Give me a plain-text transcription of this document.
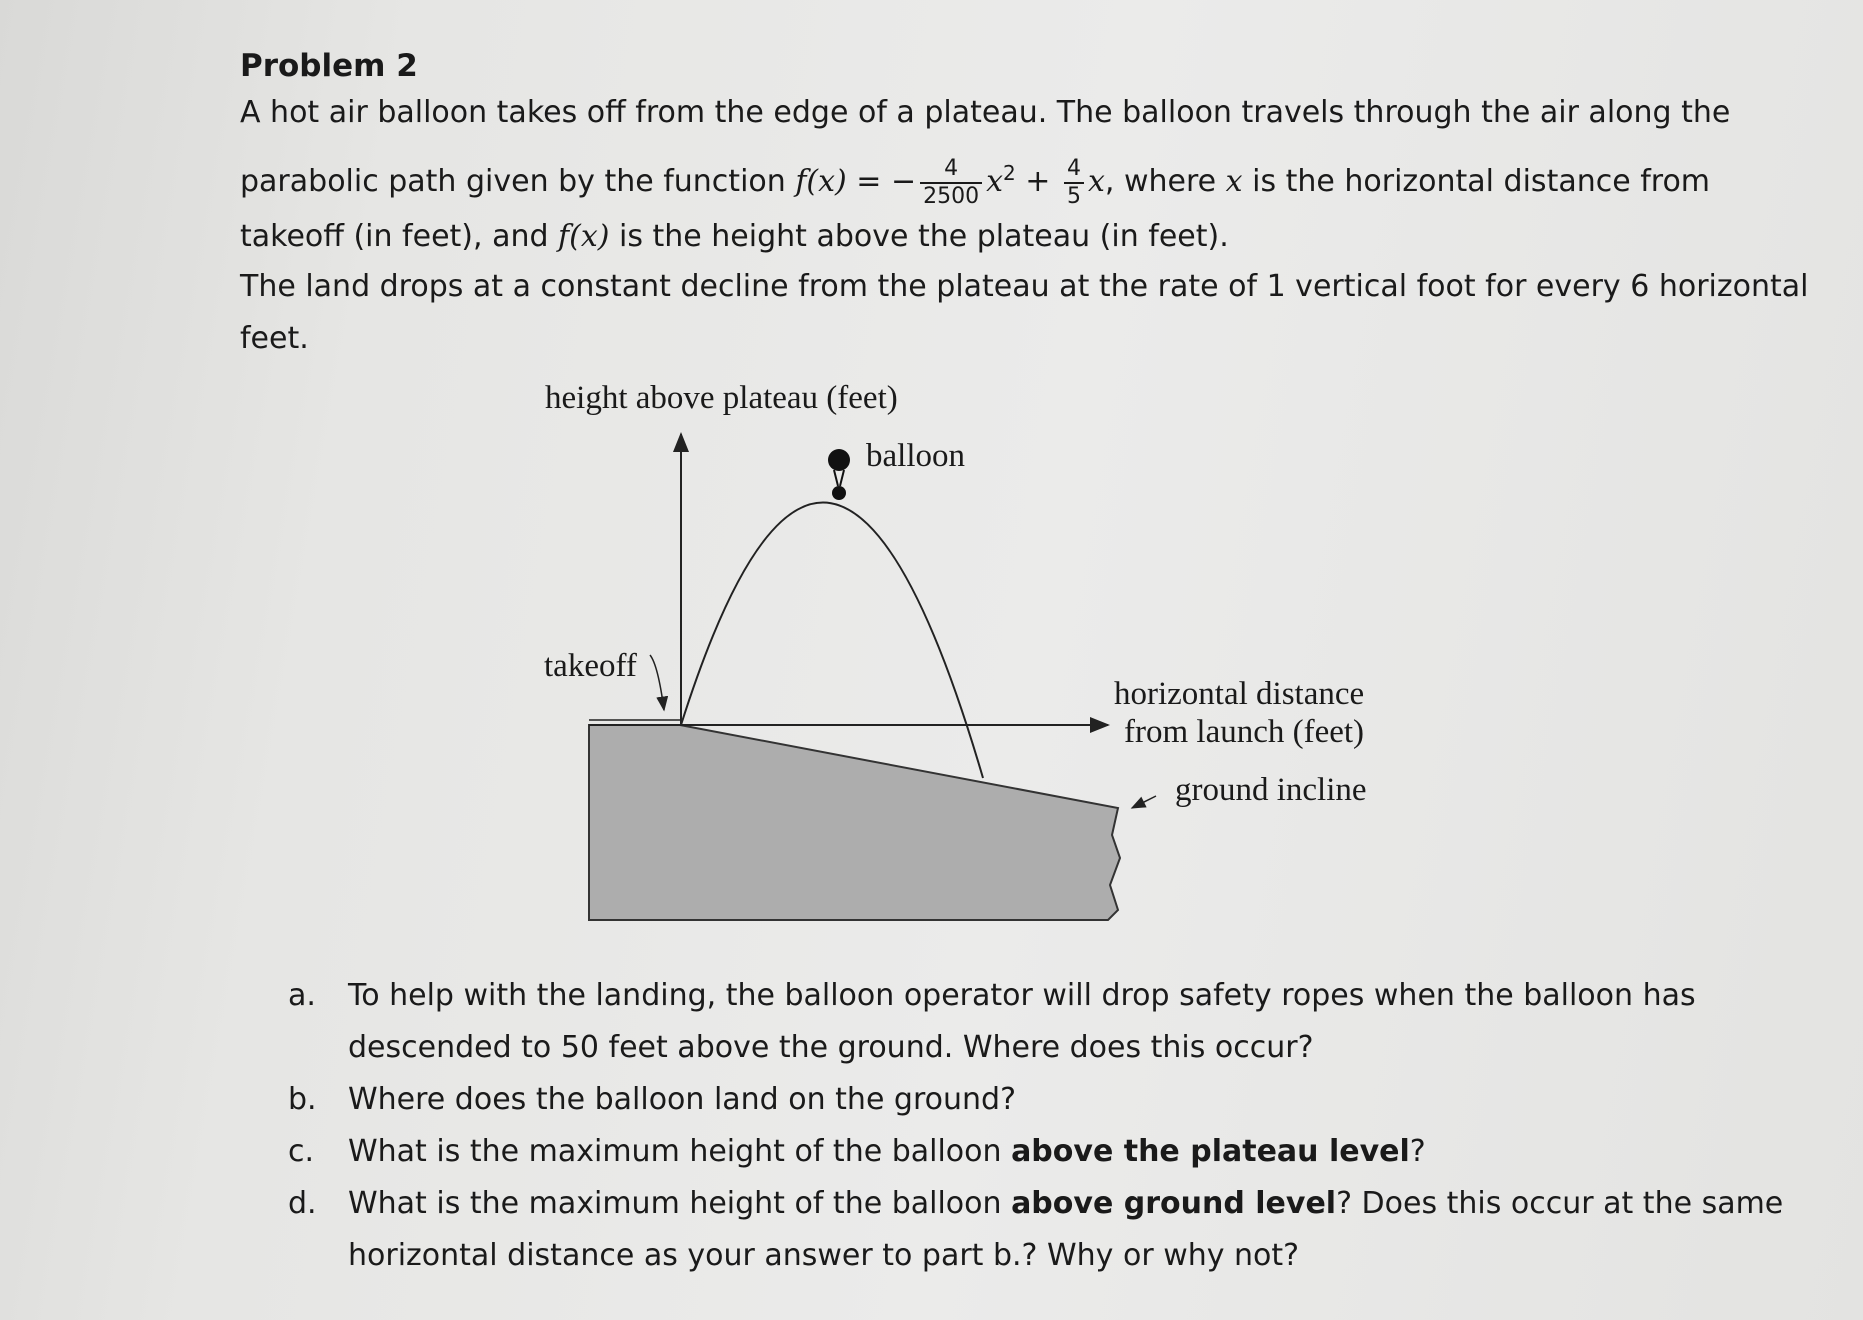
Problem 2
A hot air balloon takes off from the edge of a plateau. The balloon travels through the air along the
parabolic path given by the function f(x) = − $\frac{4}{2500} x^2 + \frac{4}{5} x$, where x is the horizontal distance from
takeoff (in feet), and f(x) is the height above the plateau (in feet).
The land drops at a constant decline from the plateau at the rate of 1 vertical foot for every 6 horizontal
feet.
height above plateau (feet)
balloon
takeoff
horizontal distance
from launch (feet)
ground incline
a. To help with the landing, the balloon operator will drop safety ropes when the balloon has
descended to 50 feet above the ground. Where does this occur?
b. Where does the balloon land on the ground?
c. What is the maximum height of the balloon above the plateau level?
d. What is the maximum height of the balloon above ground level? Does this occur at the same
horizontal distance as your answer to part b.? Why or why not?
